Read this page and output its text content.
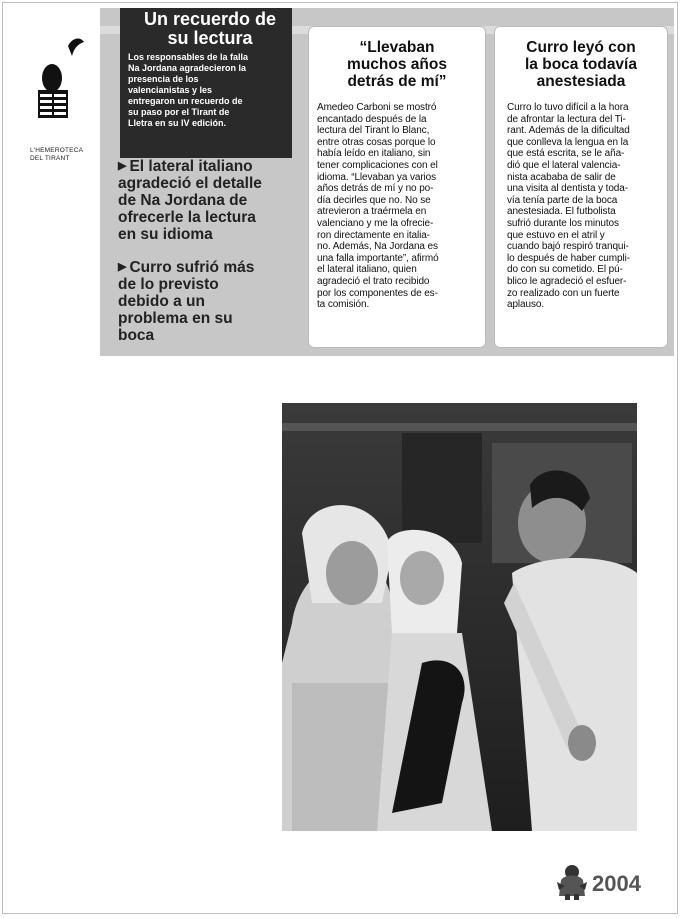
L'HEMEROTECA
DEL TIRANT
Un recuerdo de
su lectura
Los responsables de la falla
Na Jordana agradecieron la
presencia de los
valencianistas y les
entregaron un recuerdo de
su paso por el Tirant de
Lletra en su IV edición.
▶ El lateral italiano
agradeció el detalle
de Na Jordana de
ofrecerle la lectura
en su idioma
▶ Curro sufrió más
de lo previsto
debido a un
problema en su
boca
“Llevaban
muchos años
detrás de mí”
Amedeo Carboni se mostró
encantado después de la
lectura del Tirant lo Blanc,
entre otras cosas porque lo
había leído en italiano, sin
tener complicaciones con el
idioma. “Llevaban ya varios
años detrás de mí y no po-
día decirles que no. No se
atrevieron a traérmela en
valenciano y me la ofrecie-
ron directamente en italia-
no. Además, Na Jordana es
una falla importante”, afirmó
el lateral italiano, quien
agradeció el trato recibido
por los componentes de es-
ta comisión.
Curro leyó con
la boca todavía
anestesiada
Curro lo tuvo difícil a la hora
de afrontar la lectura del Ti-
rant. Además de la dificultad
que conlleva la lengua en la
que está escrita, se le aña-
dió que el lateral valencia-
nista acababa de salir de
una visita al dentista y toda-
vía tenía parte de la boca
anestesiada. El futbolista
sufrió durante los minutos
que estuvo en el atril y
cuando bajó respiró tranqui-
lo después de haber cumpli-
do con su cometido. El pú-
blico le agradeció el esfuer-
zo realizado con un fuerte
aplauso.
2004
